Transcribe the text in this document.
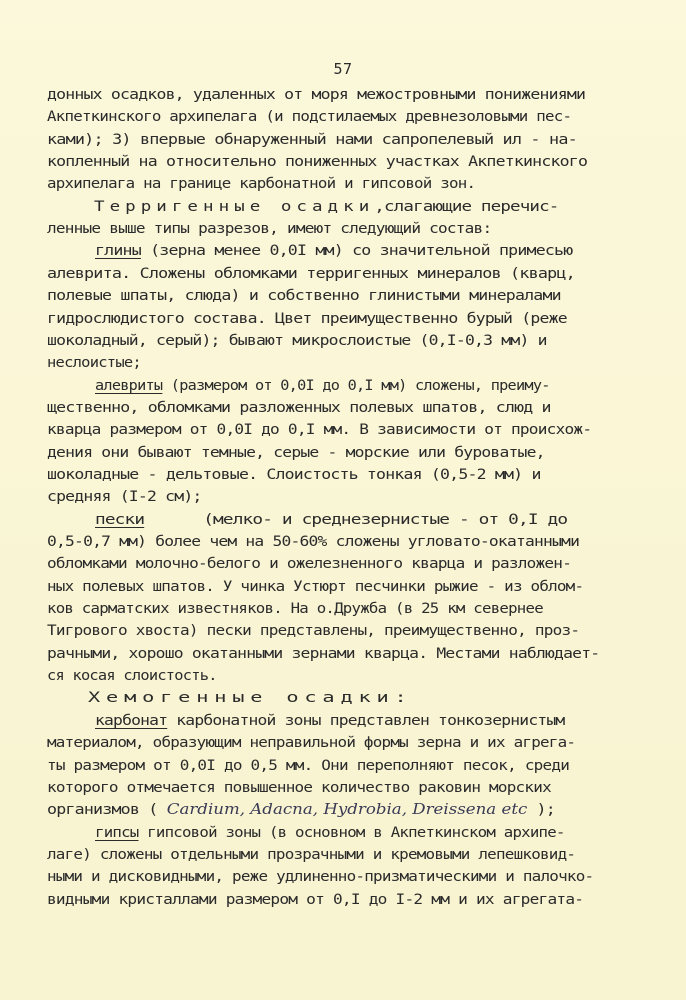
57
донных осадков, удаленных от моря межостровными понижениями
Акпеткинского архипелага (и подстилаемых древнезоловыми пес-
ками); 3) впервые обнаруженный нами сапропелевый ил - на-
копленный на относительно пониженных участках Акпеткинского
архипелага на границе карбонатной и гипсовой зон.
Терригенные осадки,слагающие перечис-
ленные выше типы разрезов, имеют следующий состав:
глины (зерна менее 0,0I мм) со значительной примесью
алеврита. Сложены обломками терригенных минералов (кварц,
полевые шпаты, слюда) и собственно глинистыми минералами
гидрослюдистого состава. Цвет преимущественно бурый (реже
шоколадный, серый); бывают микрослоистые (0,I-0,3 мм) и
неслоистые;
алевриты (размером от 0,0I до 0,I мм) сложены, преиму-
щественно, обломками разложенных полевых шпатов, слюд и
кварца размером от 0,0I до 0,I мм. В зависимости от происхож-
дения они бывают темные, серые - морские или буроватые,
шоколадные - дельтовые. Слоистость тонкая (0,5-2 мм) и
средняя (I-2 см);
пески      (мелко- и среднезернистые - от 0,I до
0,5-0,7 мм) более чем на 50-60% сложены угловато-окатанными
обломками молочно-белого и ожелезненного кварца и разложен-
ных полевых шпатов. У чинка Устюрт песчинки рыжие - из облом-
ков сарматских известняков. На о.Дружба (в 25 км севернее
Тигрового хвоста) пески представлены, преимущественно, проз-
рачными, хорошо окатанными зернами кварца. Местами наблюдает-
ся косая слоистость.
Хемогенные осадки:
карбонат карбонатной зоны представлен тонкозернистым
материалом, образующим неправильной формы зерна и их агрега-
ты размером от 0,0I до 0,5 мм. Они переполняют песок, среди
которого отмечается повышенное количество раковин морских
организмов ( Cardium, Adacna, Hydrobia, Dreissena etc );
гипсы гипсовой зоны (в основном в Акпеткинском архипе-
лаге) сложены отдельными прозрачными и кремовыми лепешковид-
ными и дисковидными, реже удлиненно-призматическими и палочко-
видными кристаллами размером от 0,I до I-2 мм и их агрегата-
